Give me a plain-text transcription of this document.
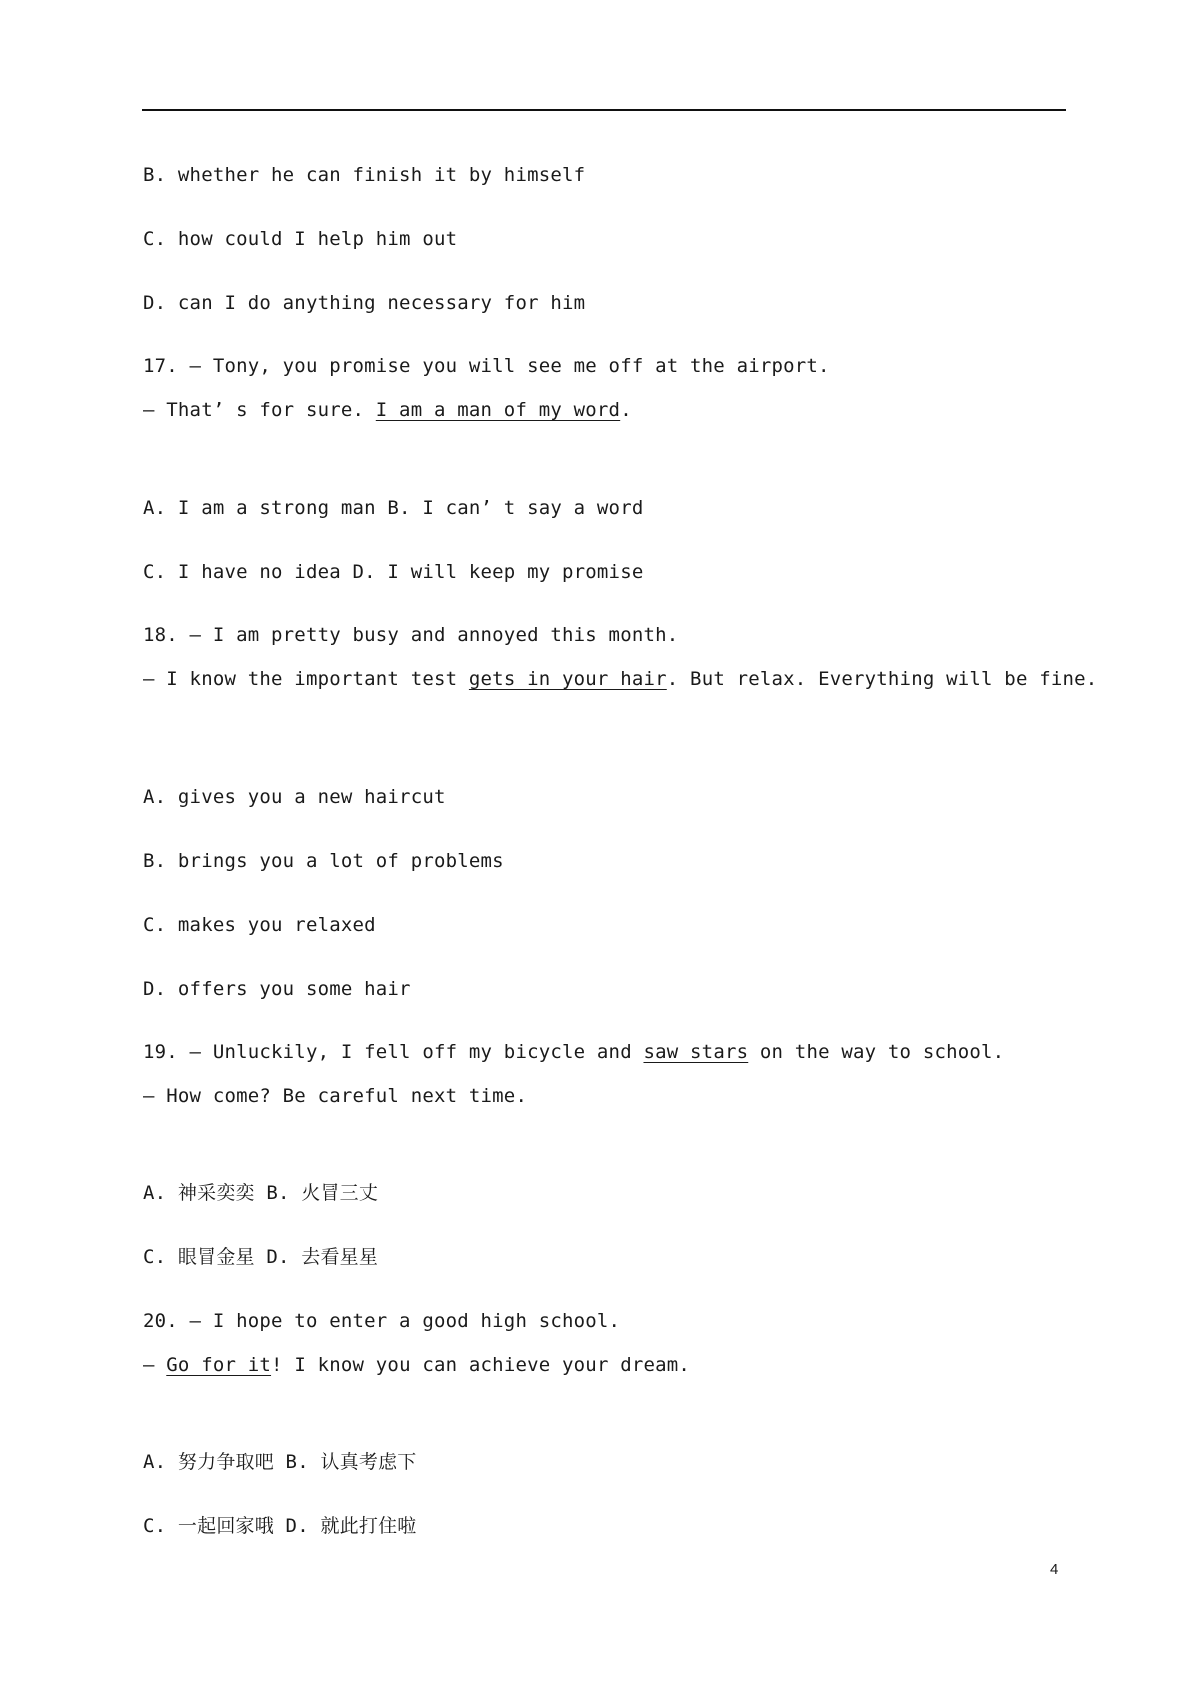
B. whether he can finish it by himself
C. how could I help him out
D. can I do anything necessary for him
17. — Tony, you promise you will see me off at the airport.
— That’ s for sure. I am a man of my word.
A. I am a strong man B. I can’ t say a word
C. I have no idea D. I will keep my promise
18. — I am pretty busy and annoyed this month.
— I know the important test gets in your hair. But relax. Everything will be fine.
A. gives you a new haircut
B. brings you a lot of problems
C. makes you relaxed
D. offers you some hair
19. — Unluckily, I fell off my bicycle and saw stars on the way to school.
— How come? Be careful next time.
A. 神采奕奕 B. 火冒三丈
C. 眼冒金星 D. 去看星星
20. — I hope to enter a good high school.
— Go for it! I know you can achieve your dream.
A. 努力争取吧 B. 认真考虑下
C. 一起回家哦 D. 就此打住啦
4
